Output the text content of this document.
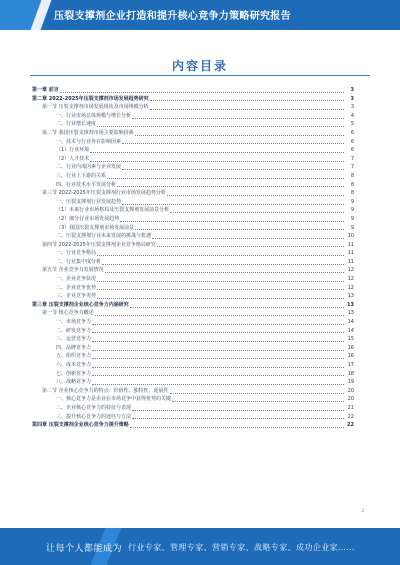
压裂支撑剂企业打造和提升核心竞争力策略研究报告
内容目录
第一章 前言	3
第二章 2022-2025年压裂支撑剂市场发展趋势研究	3
第一节 压裂支撑剂市场发展现状及市场规模分析	3
一、行业市场总体规模与增长分析	4
二、行业增长速度	5
第二节 我国压裂支撑剂市场主要影响因素	6
一、技术与行业外在影响因素	6
（1）行业环境	6
（2）人才技术	7
二、行业内部因素与企业发展	7
三、行业上下游的关系	8
四、行业技术水平发展分析	8
第三节 2022-2025年压裂支撑剂行业市场发展趋势分析	8
一、压裂支撑剂行业发展趋势	9
（1）未来行业市场格局及压裂支撑剂发展前景分析	9
（2）细分行业市场发展趋势	9
（3）我国压裂支撑剂市场发展前景	9
二、压裂支撑剂行业未来发展的挑战与机遇	10
第四节 2022-2025年压裂支撑剂企业竞争格局研究	11
一、行业竞争格局	11
二、行业集中度分析	11
第五节 企业竞争力发展情况	12
一、企业竞争状况	12
二、企业竞争优势	12
三、企业竞争劣势	13
第三章 压裂支撑剂企业核心竞争力内涵研究	13
第一节 核心竞争力概述	13
一、市场竞争力	14
二、研发竞争力	14
三、运营竞争力	15
四、品牌竞争力	16
五、组织竞争力	16
六、成本竞争力	17
七、创新竞争力	18
八、战略竞争力	19
第二节 企业核心竞争力的特点：价值性、独特性、延展性	20
一、核心竞争力是企业在市场竞争中获得优势的关键	20
二、企业核心竞争力的特征与表现	21
三、提升核心竞争力的途径与方法	22
第四章 压裂支撑剂企业核心竞争力提升策略	22
2
让每个人都能成为 行业专家、管理专家、营销专家、战略专家、成功企业家……
